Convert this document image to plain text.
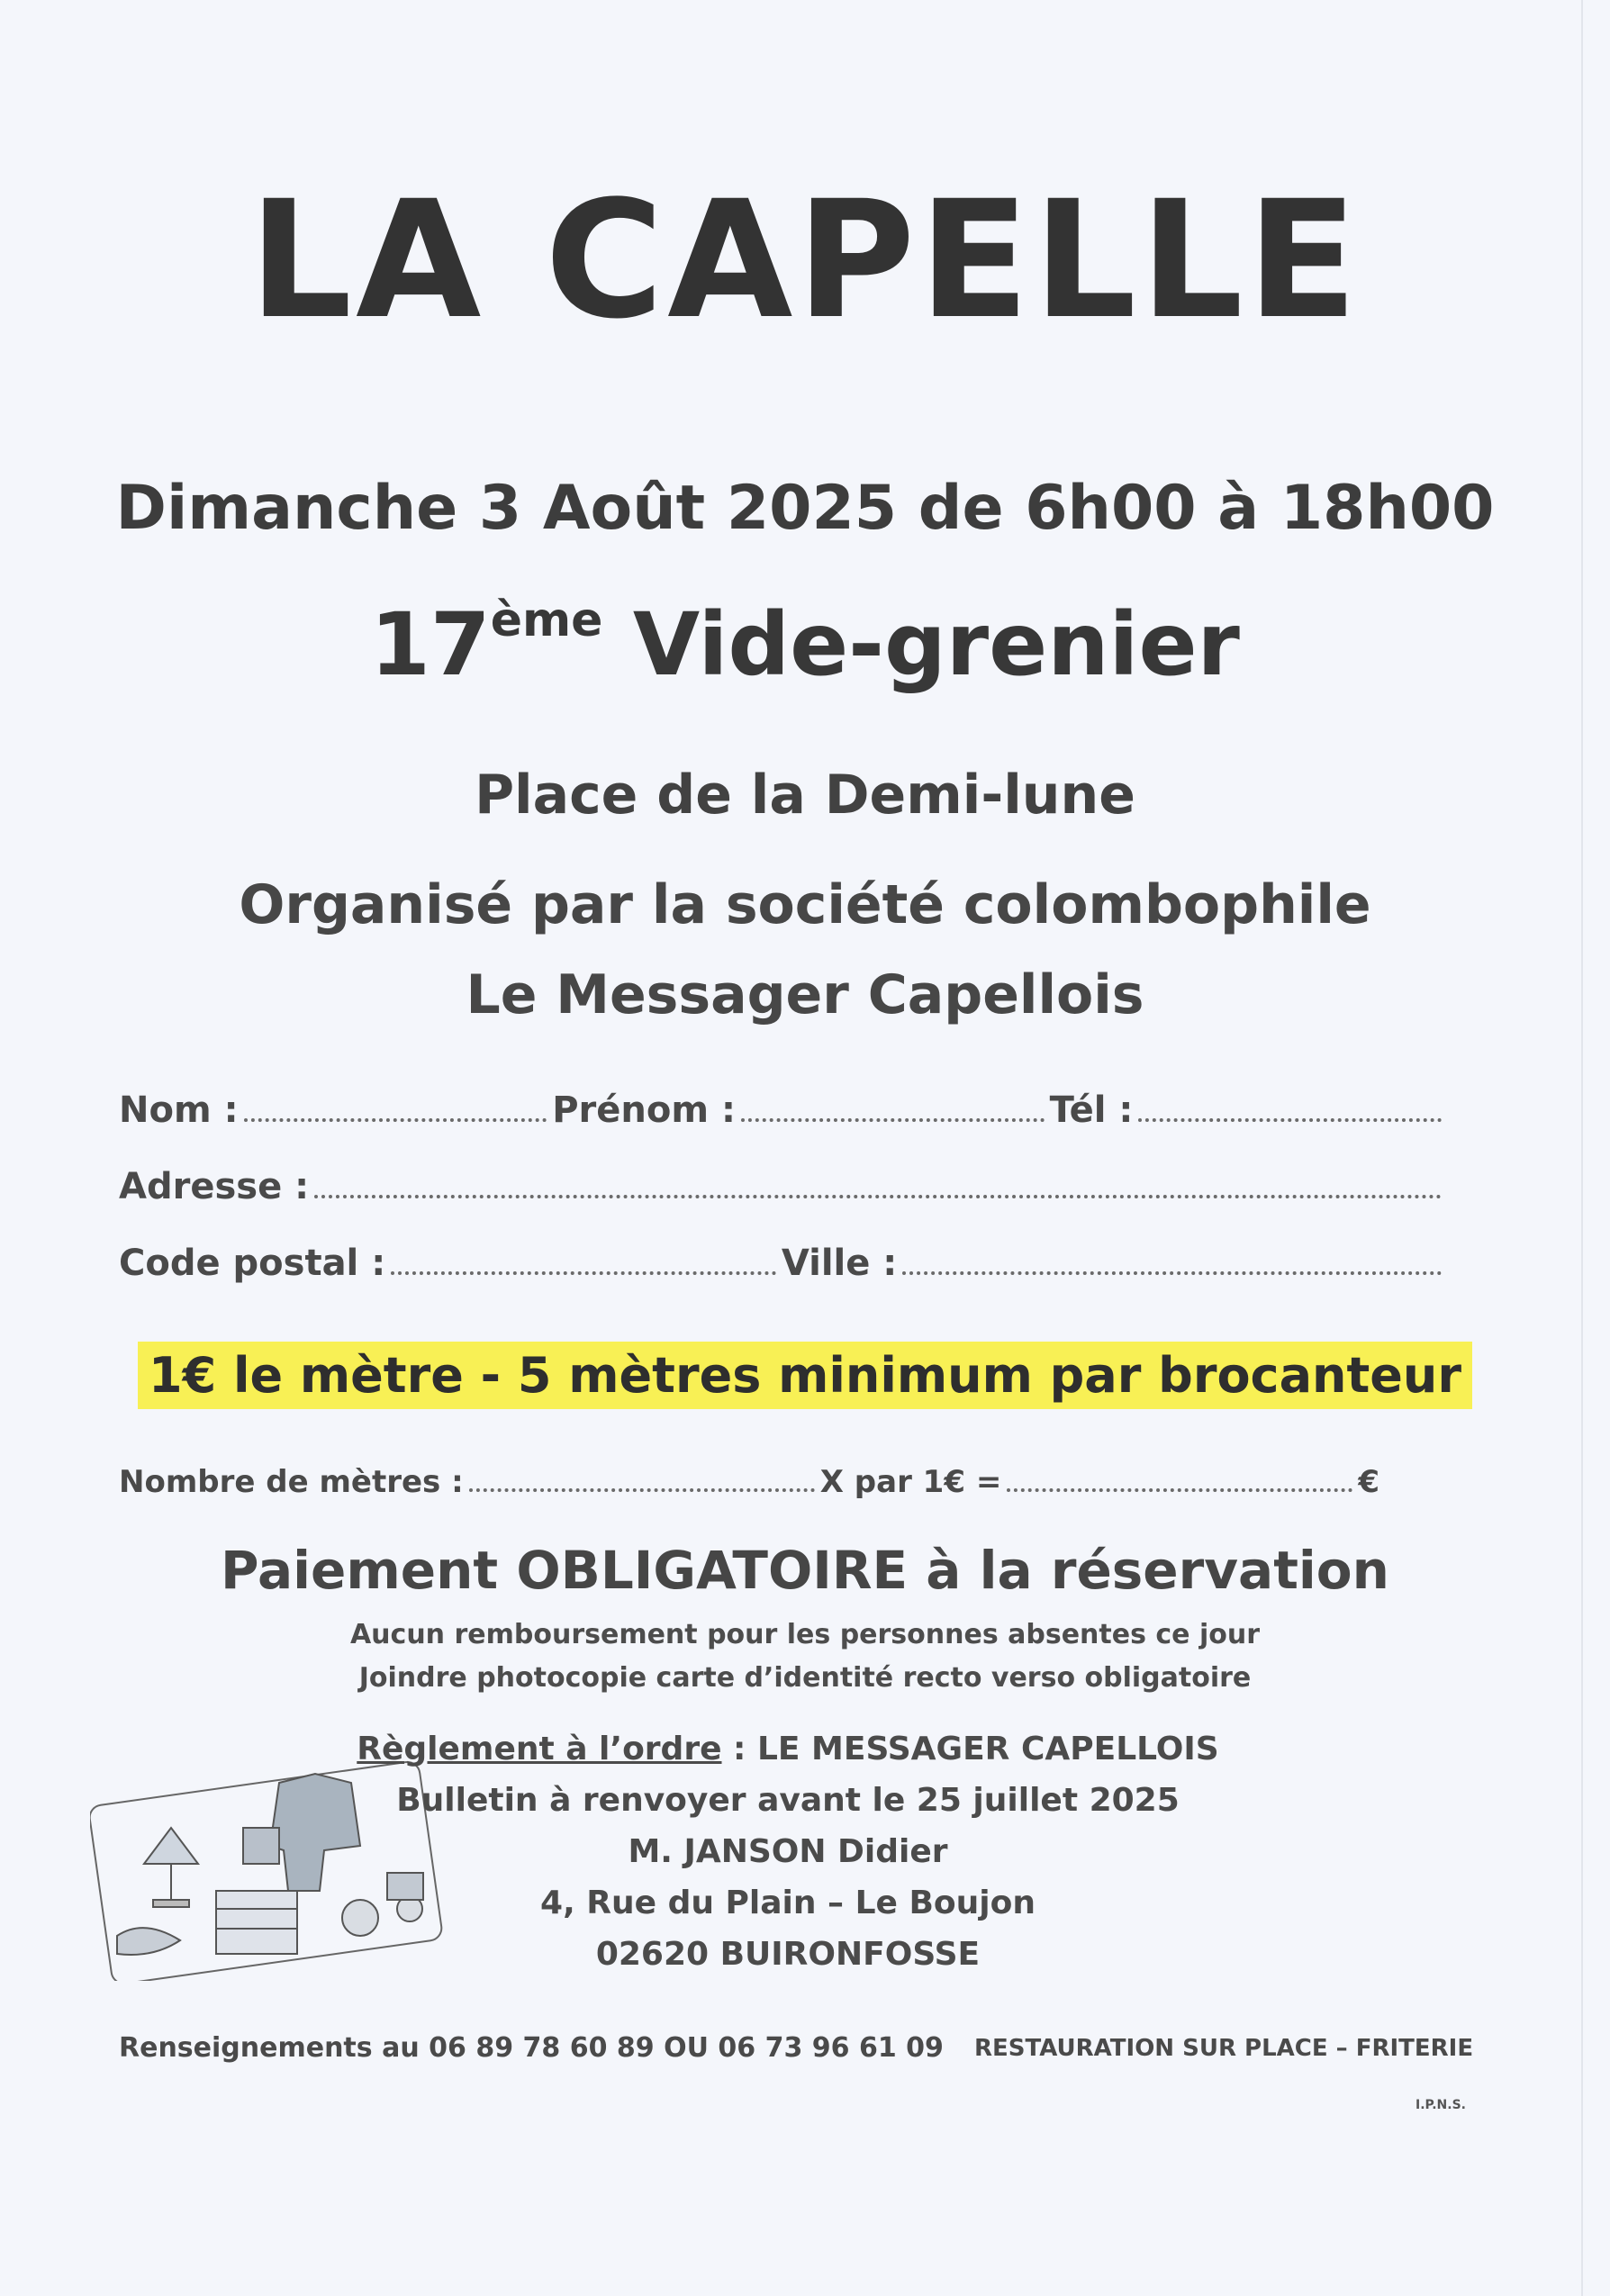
LA CAPELLE
Dimanche 3 Août 2025 de 6h00 à 18h00
17ème Vide-grenier
Place de la Demi-lune
Organisé par la société colombophile
Le Messager Capellois
Nom :	Prénom :	Tél :
Adresse :
Code postal :	Ville :
1€ le mètre - 5 mètres minimum par brocanteur
Nombre de mètres :	X par 1€ =	€
Paiement OBLIGATOIRE à la réservation
Aucun remboursement pour les personnes absentes ce jour
Joindre photocopie carte d’identité recto verso obligatoire
Règlement à l’ordre : LE MESSAGER CAPELLOIS
Bulletin à renvoyer avant le 25 juillet 2025
M. JANSON Didier
4, Rue du Plain – Le Boujon
02620 BUIRONFOSSE
Renseignements au 06 89 78 60 89 OU 06 73 96 61 09 RESTAURATION SUR PLACE – FRITERIE
I.P.N.S.
